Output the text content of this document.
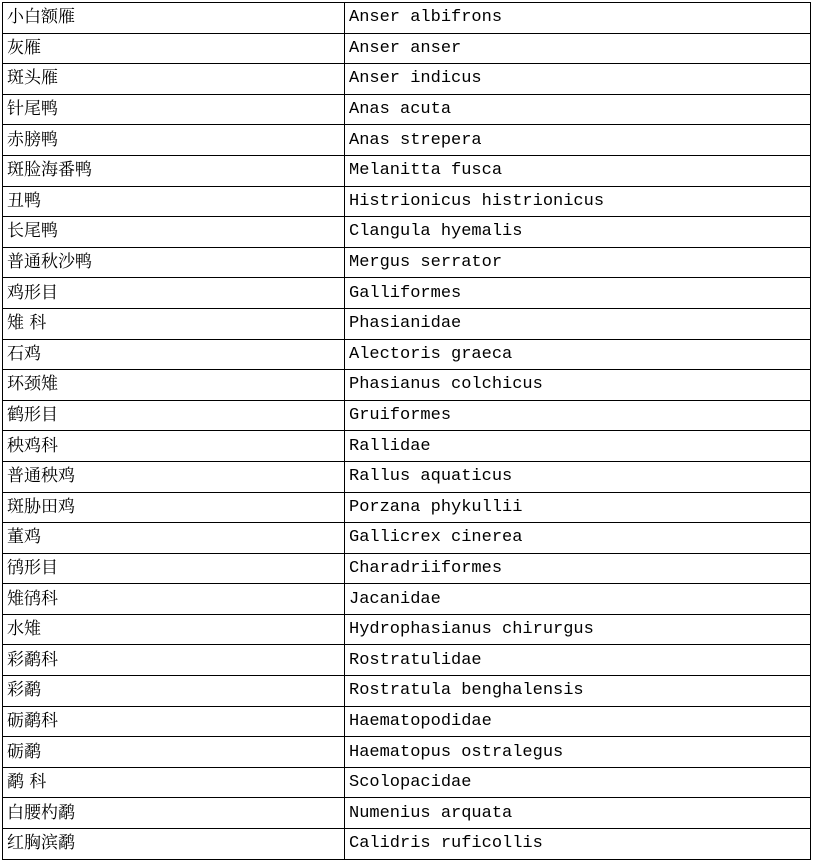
小白额雁	Anser albifrons
灰雁	Anser anser
斑头雁	Anser indicus
针尾鸭	Anas acuta
赤膀鸭	Anas strepera
斑脸海番鸭	Melanitta fusca
丑鸭	Histrionicus histrionicus
长尾鸭	Clangula hyemalis
普通秋沙鸭	Mergus serrator
鸡形目	Galliformes
雉 科	Phasianidae
石鸡	Alectoris graeca
环颈雉	Phasianus colchicus
鹤形目	Gruiformes
秧鸡科	Rallidae
普通秧鸡	Rallus aquaticus
斑胁田鸡	Porzana phykullii
董鸡	Gallicrex cinerea
鸻形目	Charadriiformes
雉鸻科	Jacanidae
水雉	Hydrophasianus chirurgus
彩鹬科	Rostratulidae
彩鹬	Rostratula benghalensis
砺鹬科	Haematopodidae
砺鹬	Haematopus ostralegus
鹬 科	Scolopacidae
白腰杓鹬	Numenius arquata
红胸滨鹬	Calidris ruficollis
